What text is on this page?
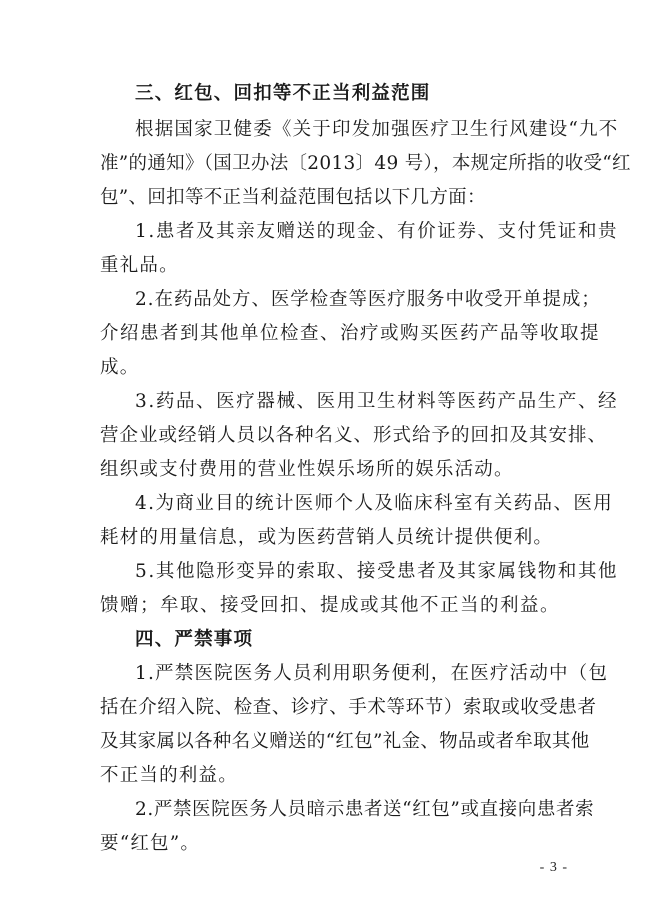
三、红包、回扣等不正当利益范围
根据国家卫健委《关于印发加强医疗卫生行风建设“九不
准”的通知》（国卫办法〔2013〕49 号），本规定所指的收受“红
包”、回扣等不正当利益范围包括以下几方面：
1.患者及其亲友赠送的现金、有价证券、支付凭证和贵
重礼品。
2.在药品处方、医学检查等医疗服务中收受开单提成；
介绍患者到其他单位检查、治疗或购买医药产品等收取提
成。
3.药品、医疗器械、医用卫生材料等医药产品生产、经
营企业或经销人员以各种名义、形式给予的回扣及其安排、
组织或支付费用的营业性娱乐场所的娱乐活动。
4.为商业目的统计医师个人及临床科室有关药品、医用
耗材的用量信息，或为医药营销人员统计提供便利。
5.其他隐形变异的索取、接受患者及其家属钱物和其他
馈赠；牟取、接受回扣、提成或其他不正当的利益。
四、严禁事项
1.严禁医院医务人员利用职务便利，在医疗活动中（包
括在介绍入院、检查、诊疗、手术等环节）索取或收受患者
及其家属以各种名义赠送的“红包”礼金、物品或者牟取其他
不正当的利益。
2.严禁医院医务人员暗示患者送“红包”或直接向患者索
要“红包”。
- 3 -
